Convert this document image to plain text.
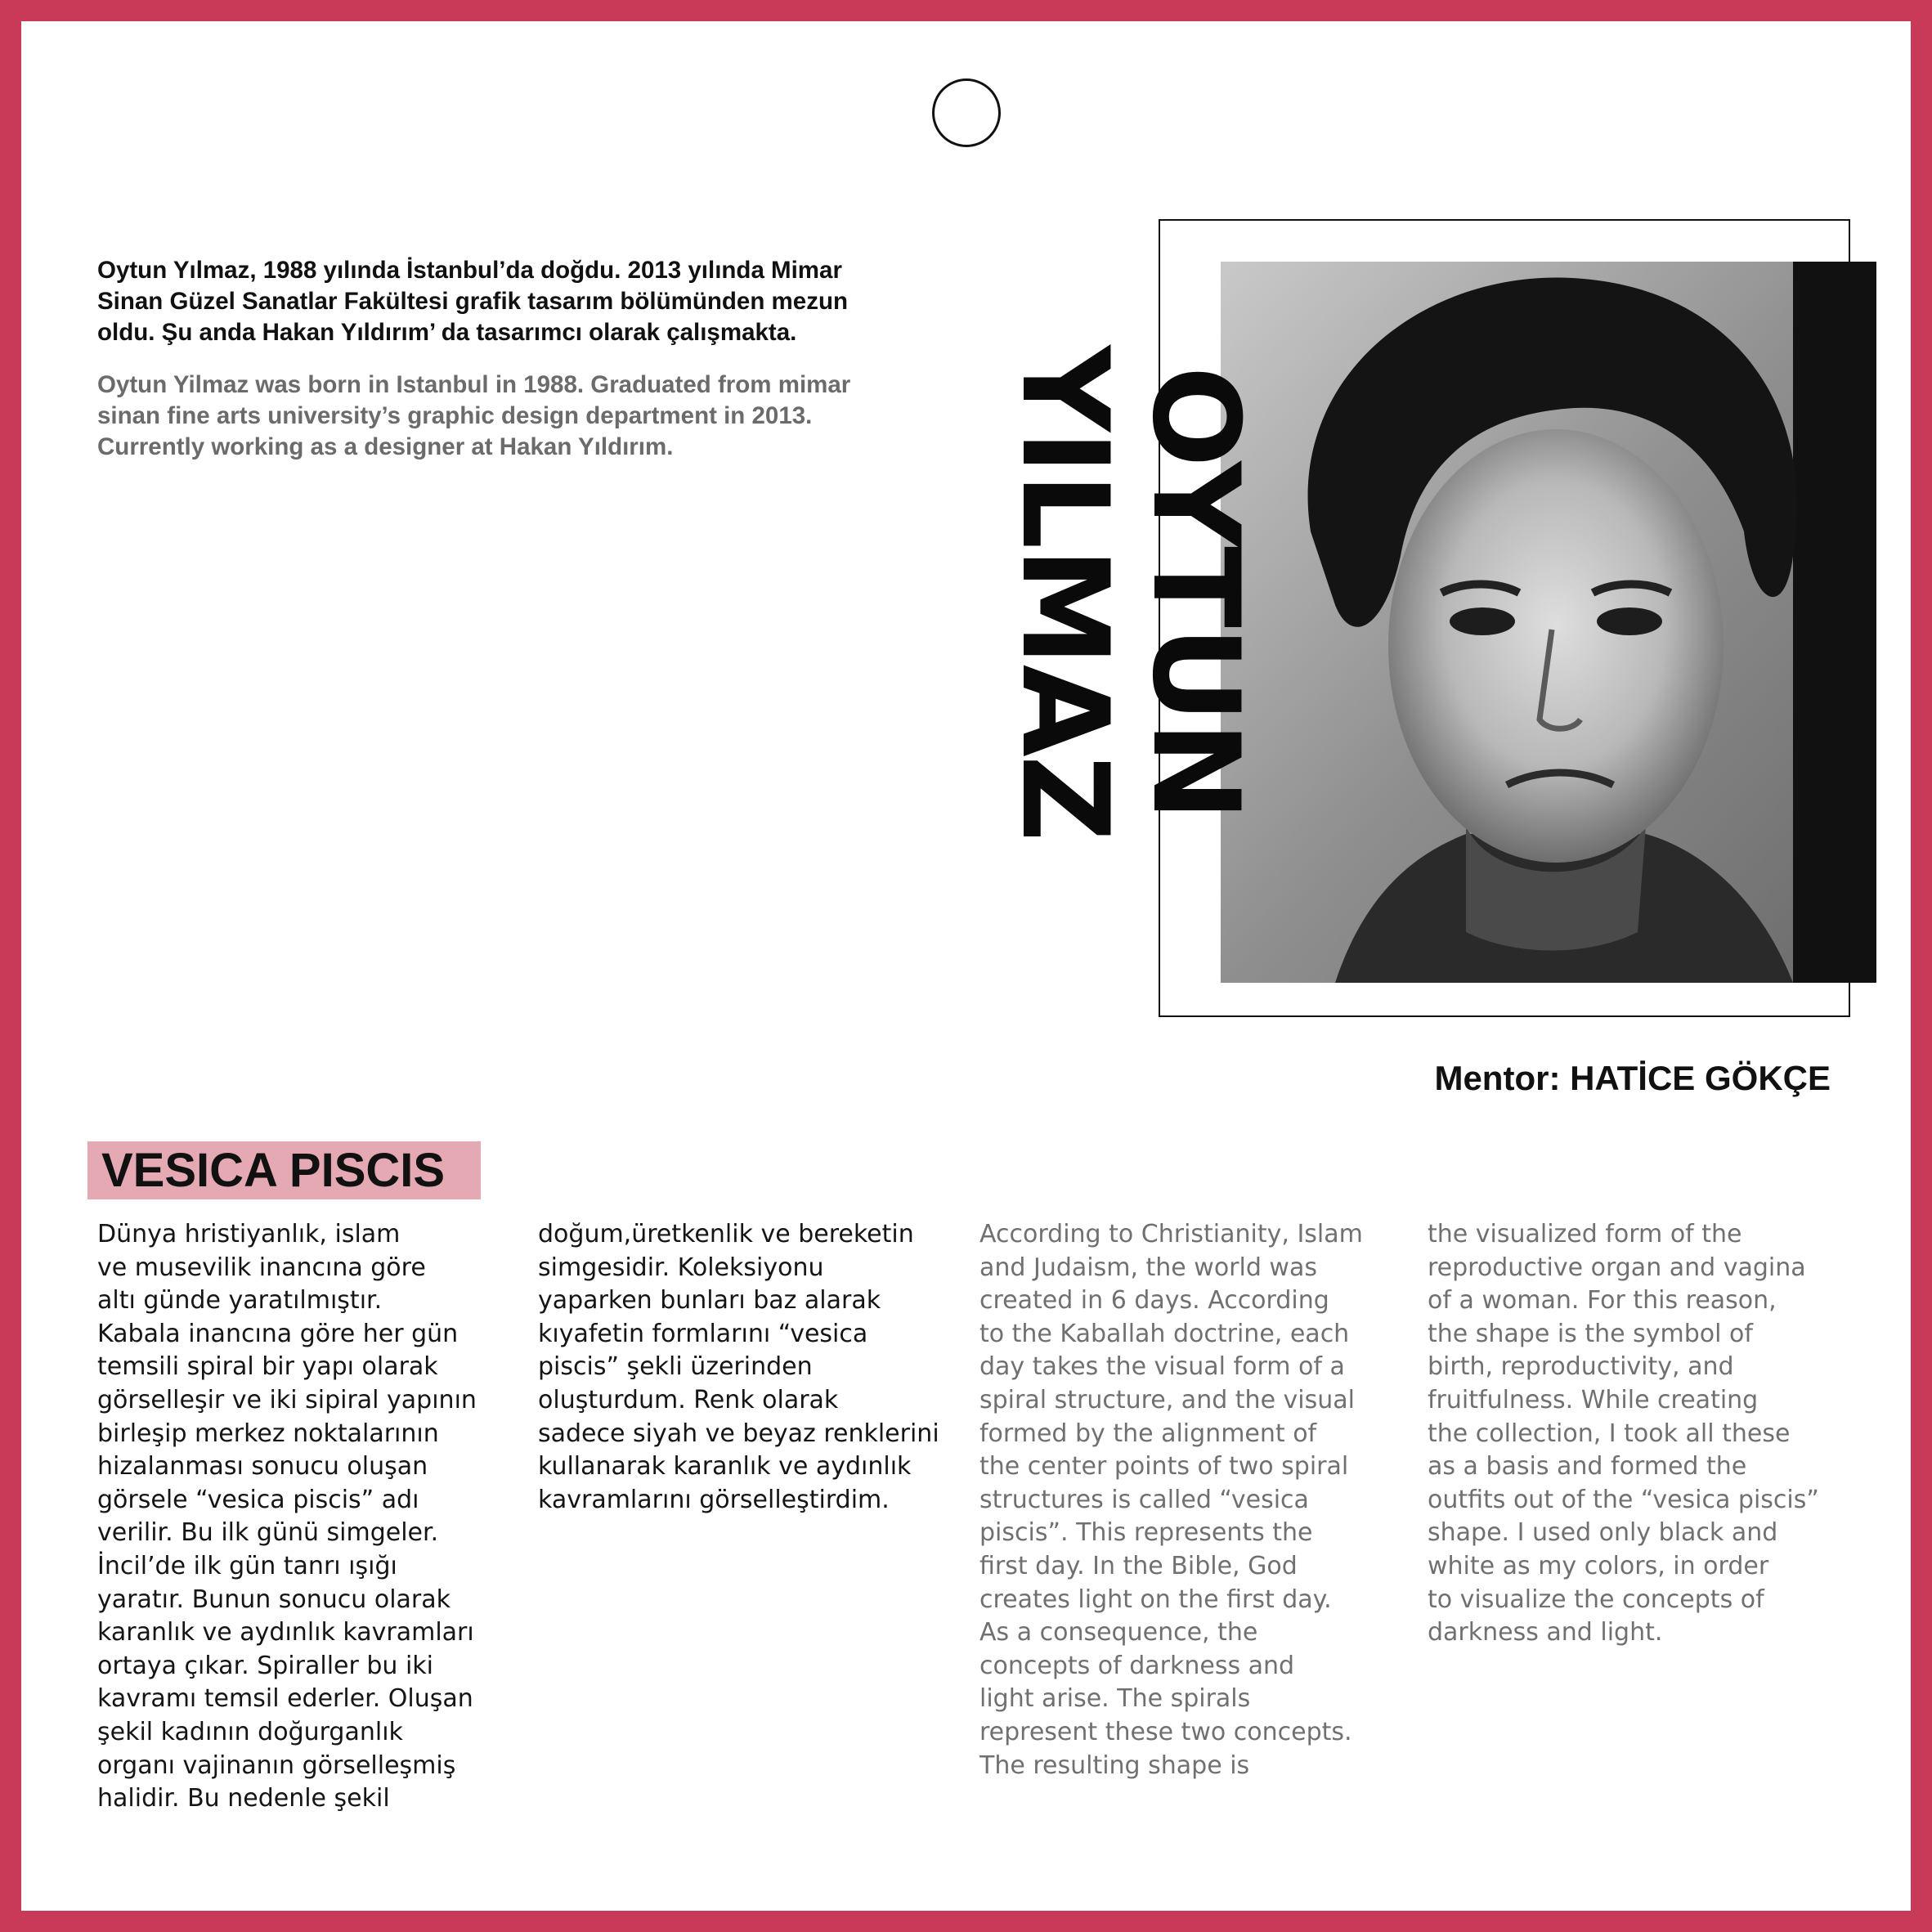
Oytun Yılmaz, 1988 yılında İstanbul’da doğdu. 2013 yılında Mimar
Sinan Güzel Sanatlar Fakültesi grafik tasarım bölümünden mezun
oldu. Şu anda Hakan Yıldırım’ da tasarımcı olarak çalışmakta.

Oytun Yilmaz was born in Istanbul in 1988. Graduated from mimar
sinan fine arts university’s graphic design department in 2013.
Currently working as a designer at Hakan Yıldırım.	OYTUN
YILMAZ
Mentor: HATİCE GÖKÇE
VESICA PISCIS

Dünya hristiyanlık, islam
ve musevilik inancına göre
altı günde yaratılmıştır.
Kabala inancına göre her gün
temsili spiral bir yapı olarak
görselleşir ve iki sipiral yapının
birleşip merkez noktalarının
hizalanması sonucu oluşan
görsele “vesica piscis” adı
verilir. Bu ilk günü simgeler.
İncil’de ilk gün tanrı ışığı
yaratır. Bunun sonucu olarak
karanlık ve aydınlık kavramları
ortaya çıkar. Spiraller bu iki
kavramı temsil ederler. Oluşan
şekil kadının doğurganlık
organı vajinanın görselleşmiş
halidir. Bu nedenle şekil

doğum,üretkenlik ve bereketin
simgesidir. Koleksiyonu
yaparken bunları baz alarak
kıyafetin formlarını “vesica
piscis” şekli üzerinden
oluşturdum. Renk olarak
sadece siyah ve beyaz renklerini
kullanarak karanlık ve aydınlık
kavramlarını görselleştirdim.

According to Christianity, Islam
and Judaism, the world was
created in 6 days. According
to the Kaballah doctrine, each
day takes the visual form of a
spiral structure, and the visual
formed by the alignment of
the center points of two spiral
structures is called “vesica
piscis”. This represents the
first day. In the Bible, God
creates light on the first day.
As a consequence, the
concepts of darkness and
light arise. The spirals
represent these two concepts.
The resulting shape is

the visualized form of the
reproductive organ and vagina
of a woman. For this reason,
the shape is the symbol of
birth, reproductivity, and
fruitfulness. While creating
the collection, I took all these
as a basis and formed the
outfits out of the “vesica piscis”
shape. I used only black and
white as my colors, in order
to visualize the concepts of
darkness and light.
